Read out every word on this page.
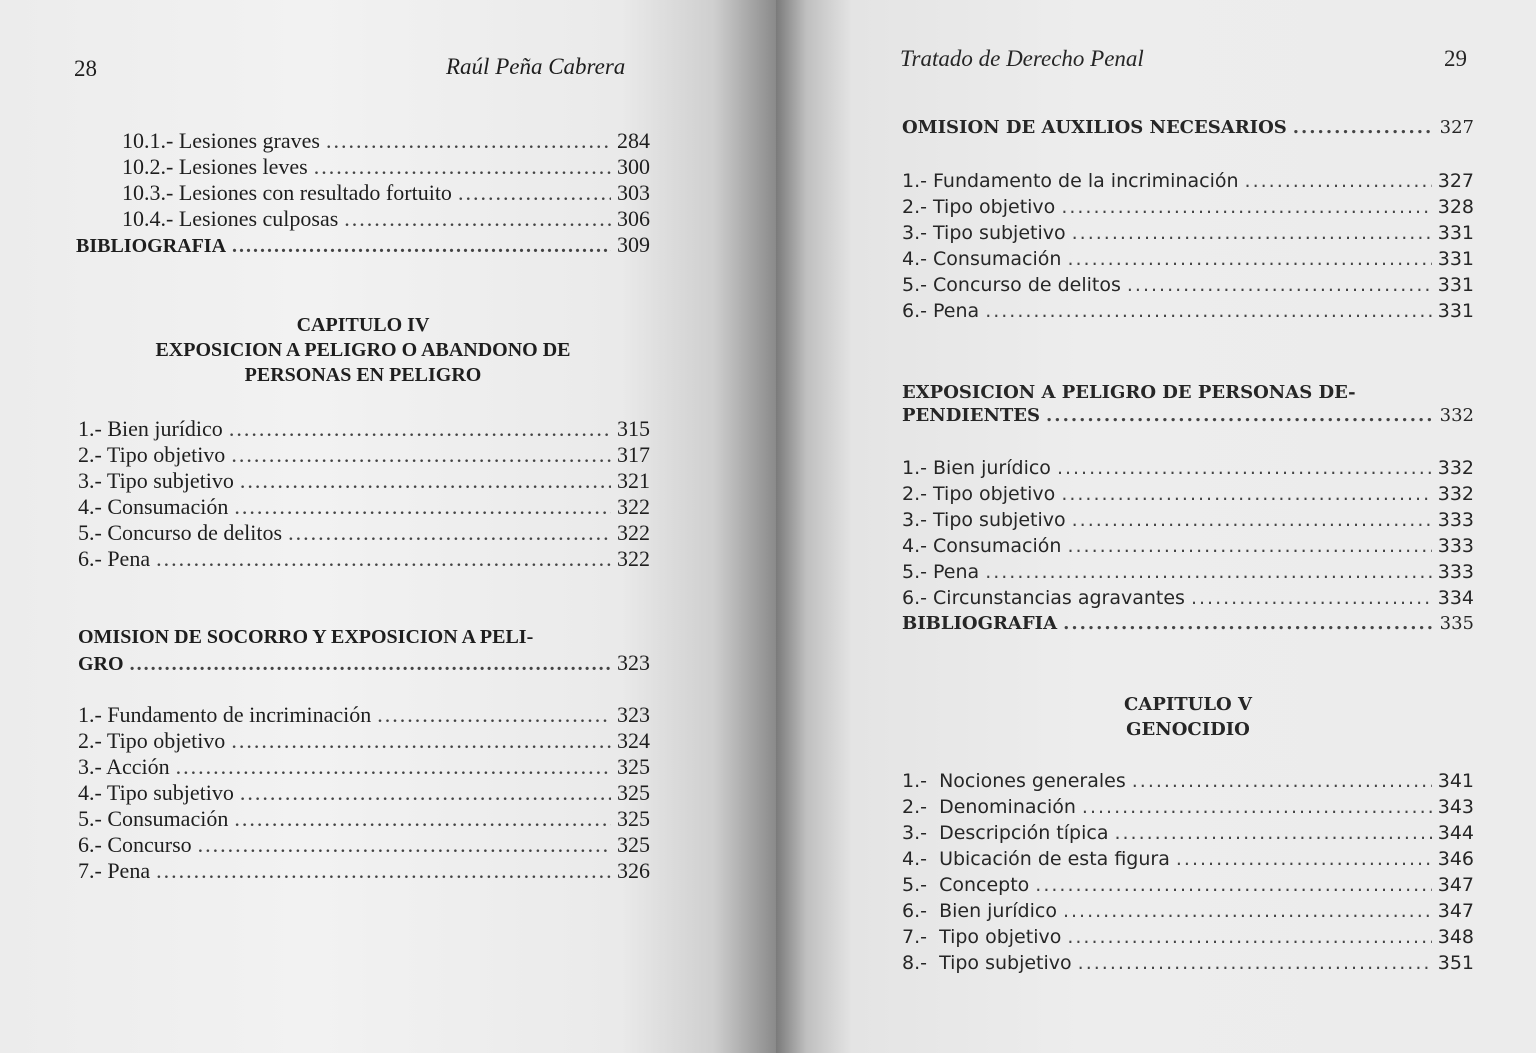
28	Raúl Peña Cabrera
10.1.- Lesiones graves .....	284
10.2.- Lesiones leves .....	300
10.3.- Lesiones con resultado fortuito .....	303
10.4.- Lesiones culposas .....	306
BIBLIOGRAFIA .....	309
CAPITULO IV
EXPOSICION A PELIGRO O ABANDONO DE
PERSONAS EN PELIGRO
1.- Bien jurídico .....	315
2.- Tipo objetivo .....	317
3.- Tipo subjetivo .....	321
4.- Consumación .....	322
5.- Concurso de delitos .....	322
6.- Pena .....	322
OMISION DE SOCORRO Y EXPOSICION A PELI-
GRO .....	323
1.- Fundamento de incriminación .....	323
2.- Tipo objetivo .....	324
3.- Acción .....	325
4.- Tipo subjetivo .....	325
5.- Consumación .....	325
6.- Concurso .....	325
7.- Pena .....	326
Tratado de Derecho Penal	29
OMISION DE AUXILIOS NECESARIOS .....	327
1.- Fundamento de la incriminación .....	327
2.- Tipo objetivo .....	328
3.- Tipo subjetivo .....	331
4.- Consumación .....	331
5.- Concurso de delitos .....	331
6.- Pena .....	331
EXPOSICION A PELIGRO DE PERSONAS DE-
PENDIENTES .....	332
1.- Bien jurídico .....	332
2.- Tipo objetivo .....	332
3.- Tipo subjetivo .....	333
4.- Consumación .....	333
5.- Pena .....	333
6.- Circunstancias agravantes .....	334
BIBLIOGRAFIA .....	335
CAPITULO V
GENOCIDIO
1.-  Nociones generales .....	341
2.-  Denominación .....	343
3.-  Descripción típica .....	344
4.-  Ubicación de esta figura .....	346
5.-  Concepto .....	347
6.-  Bien jurídico .....	347
7.-  Tipo objetivo .....	348
8.-  Tipo subjetivo .....	351
